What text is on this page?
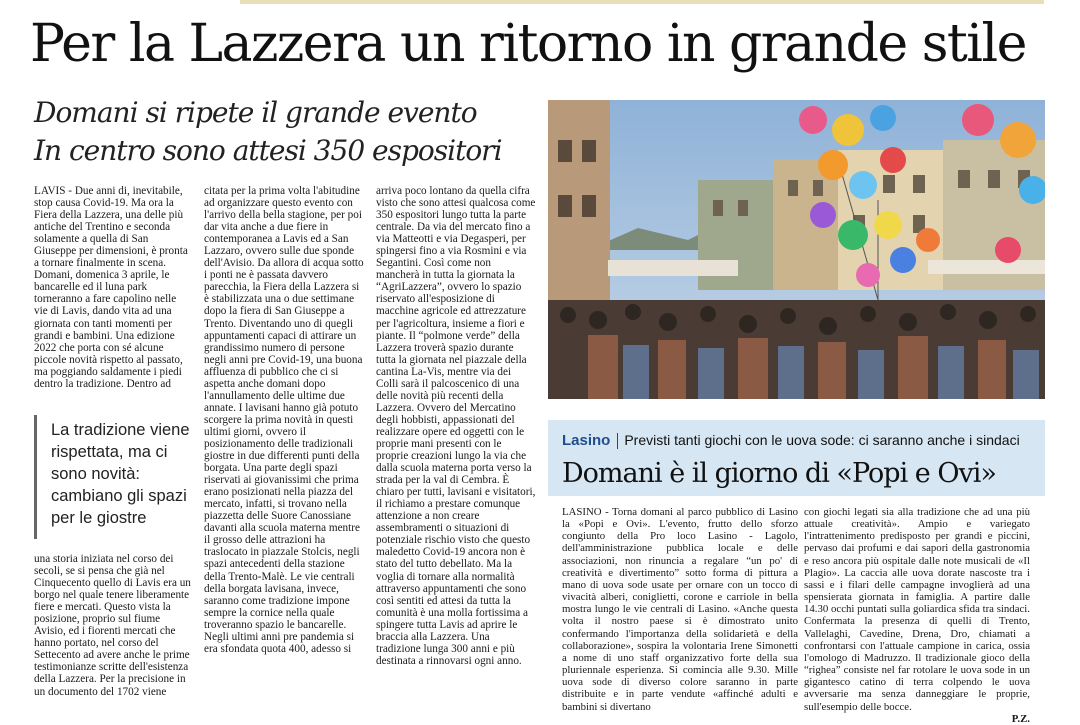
Per la Lazzera un ritorno in grande stile
Domani si ripete il grande evento
In centro sono attesi 350 espositori

LAVIS - Due anni di, inevitabile, stop causa Covid-19. Ma ora la Fiera della Lazzera, una delle più antiche del Trentino e seconda solamente a quella di San Giuseppe per dimensioni, è pronta a tornare finalmente in scena. Domani, domenica 3 aprile, le bancarelle ed il luna park torneranno a fare capolino nelle vie di Lavis, dando vita ad una giornata con tanti momenti per grandi e bambini. Una edizione 2022 che porta con sé alcune piccole novità rispetto al passato, ma poggiando saldamente i piedi dentro la tradizione. Dentro ad

La tradizione viene rispettata, ma ci sono novità: cambiano gli spazi per le giostre

una storia iniziata nel corso dei secoli, se si pensa che già nel Cinquecento quello di Lavis era un borgo nel quale tenere liberamente fiere e mercati. Questo vista la posizione, proprio sul fiume Avisio, ed i fiorenti mercati che hanno portato, nel corso del Settecento ad avere anche le prime testimonianze scritte dell'esistenza della Lazzera. Per la precisione in un documento del 1702 viene

citata per la prima volta l'abitudine ad organizzare questo evento con l'arrivo della bella stagione, per poi dar vita anche a due fiere in contemporanea a Lavis ed a San Lazzaro, ovvero sulle due sponde dell'Avisio. Da allora di acqua sotto i ponti ne è passata davvero parecchia, la Fiera della Lazzera si è stabilizzata una o due settimane dopo la fiera di San Giuseppe a Trento. Diventando uno di quegli appuntamenti capaci di attirare un grandissimo numero di persone negli anni pre Covid-19, una buona affluenza di pubblico che ci si aspetta anche domani dopo l'annullamento delle ultime due annate. I lavisani hanno già potuto scorgere la prima novità in questi ultimi giorni, ovvero il posizionamento delle tradizionali giostre in due differenti punti della borgata. Una parte degli spazi riservati ai giovanissimi che prima erano posizionati nella piazza del mercato, infatti, si trovano nella piazzetta delle Suore Canossiane davanti alla scuola materna mentre il grosso delle attrazioni ha traslocato in piazzale Stolcis, negli spazi antecedenti della stazione della Trento-Malè. Le vie centrali della borgata lavisana, invece, saranno come tradizione impone sempre la cornice nella quale troveranno spazio le bancarelle. Negli ultimi anni pre pandemia si era sfondata quota 400, adesso si

arriva poco lontano da quella cifra visto che sono attesi qualcosa come 350 espositori lungo tutta la parte centrale. Da via del mercato fino a via Matteotti e via Degasperi, per spingersi fino a via Rosmini e via Segantini. Così come non mancherà in tutta la giornata la “AgriLazzera”, ovvero lo spazio riservato all'esposizione di macchine agricole ed attrezzature per l'agricoltura, insieme a fiori e piante. Il “polmone verde” della Lazzera troverà spazio durante tutta la giornata nel piazzale della cantina La-Vis, mentre via dei Colli sarà il palcoscenico di una delle novità più recenti della Lazzera. Ovvero del Mercatino degli hobbisti, appassionati del realizzare opere ed oggetti con le proprie mani presenti con le proprie creazioni lungo la via che dalla scuola materna porta verso la strada per la val di Cembra. È chiaro per tutti, lavisani e visitatori, il richiamo a prestare comunque attenzione a non creare assembramenti o situazioni di potenziale rischio visto che questo maledetto Covid-19 ancora non è stato del tutto debellato. Ma la voglia di tornare alla normalità attraverso appuntamenti che sono così sentiti ed attesi da tutta la comunità è una molla fortissima a spingere tutta Lavis ad aprire le braccia alla Lazzera. Una tradizione lunga 300 anni e più destinata a rinnovarsi ogni anno.

Lasino Previsti tanti giochi con le uova sode: ci saranno anche i sindaci
Domani è il giorno di «Popi e Ovi»

LASINO - Torna domani al parco pubblico di Lasino la «Popi e Ovi». L'evento, frutto dello sforzo congiunto della Pro loco Lasino - Lagolo, dell'amministrazione pubblica locale e delle associazioni, non rinuncia a regalare “un po' di creatività e divertimento” sotto forma di pittura a mano di uova sode usate per ornare con un tocco di vivacità alberi, coniglietti, corone e carriole in bella mostra lungo le vie centrali di Lasino. «Anche questa volta il nostro paese si è dimostrato unito confermando l'importanza della solidarietà e della collaborazione», sospira la volontaria Irene Simonetti a nome di uno staff organizzativo forte della sua pluriennale esperienza. Si comincia alle 9.30. Mille uova sode di diverso colore saranno in parte distribuite e in parte vendute «affinché adulti e bambini si divertano

con giochi legati sia alla tradizione che ad una più attuale creatività». Ampio e variegato l'intrattenimento predisposto per grandi e piccini, pervaso dai profumi e dai sapori della gastronomia e reso ancora più ospitale dalle note musicali de «Il Plagio». La caccia alle uova dorate nascoste tra i sassi e i filari delle campagne invoglierà ad una spensierata giornata in famiglia. A partire dalle 14.30 occhi puntati sulla goliardica sfida tra sindaci. Confermata la presenza di quelli di Trento, Vallelaghi, Cavedine, Drena, Dro, chiamati a confrontarsi con l'attuale campione in carica, ossia l'omologo di Madruzzo. Il tradizionale gioco della “righea” consiste nel far rotolare le uova sode in un gigantesco catino di terra colpendo le uova avversarie ma senza danneggiare le proprie, sull'esempio delle bocce.

P.Z.
